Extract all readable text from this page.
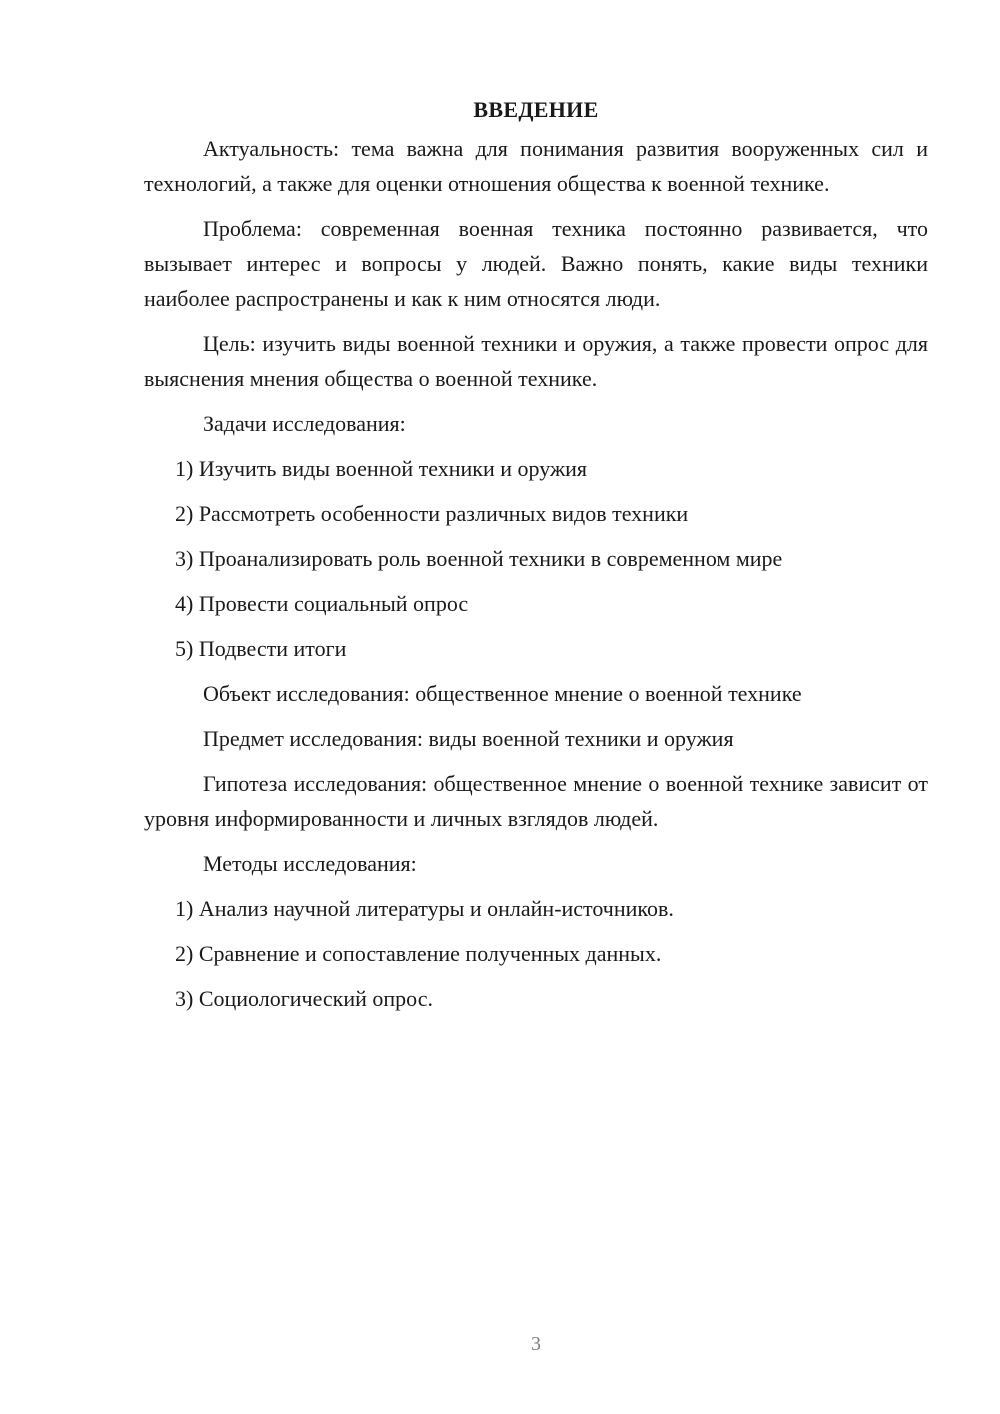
ВВЕДЕНИЕ

Актуальность: тема важна для понимания развития вооруженных сил и технологий, а также для оценки отношения общества к военной технике.

Проблема: современная военная техника постоянно развивается, что вызывает интерес и вопросы у людей. Важно понять, какие виды техники наиболее распространены и как к ним относятся люди.

Цель: изучить виды военной техники и оружия, а также провести опрос для выяснения мнения общества о военной технике.

Задачи исследования:

1) Изучить виды военной техники и оружия

2) Рассмотреть особенности различных видов техники

3) Проанализировать роль военной техники в современном мире

4) Провести социальный опрос

5) Подвести итоги

Объект исследования: общественное мнение о военной технике

Предмет исследования: виды военной техники и оружия

Гипотеза исследования: общественное мнение о военной технике зависит от уровня информированности и личных взглядов людей.

Методы исследования:

1) Анализ научной литературы и онлайн-источников.

2) Сравнение и сопоставление полученных данных.

3) Социологический опрос.

3
